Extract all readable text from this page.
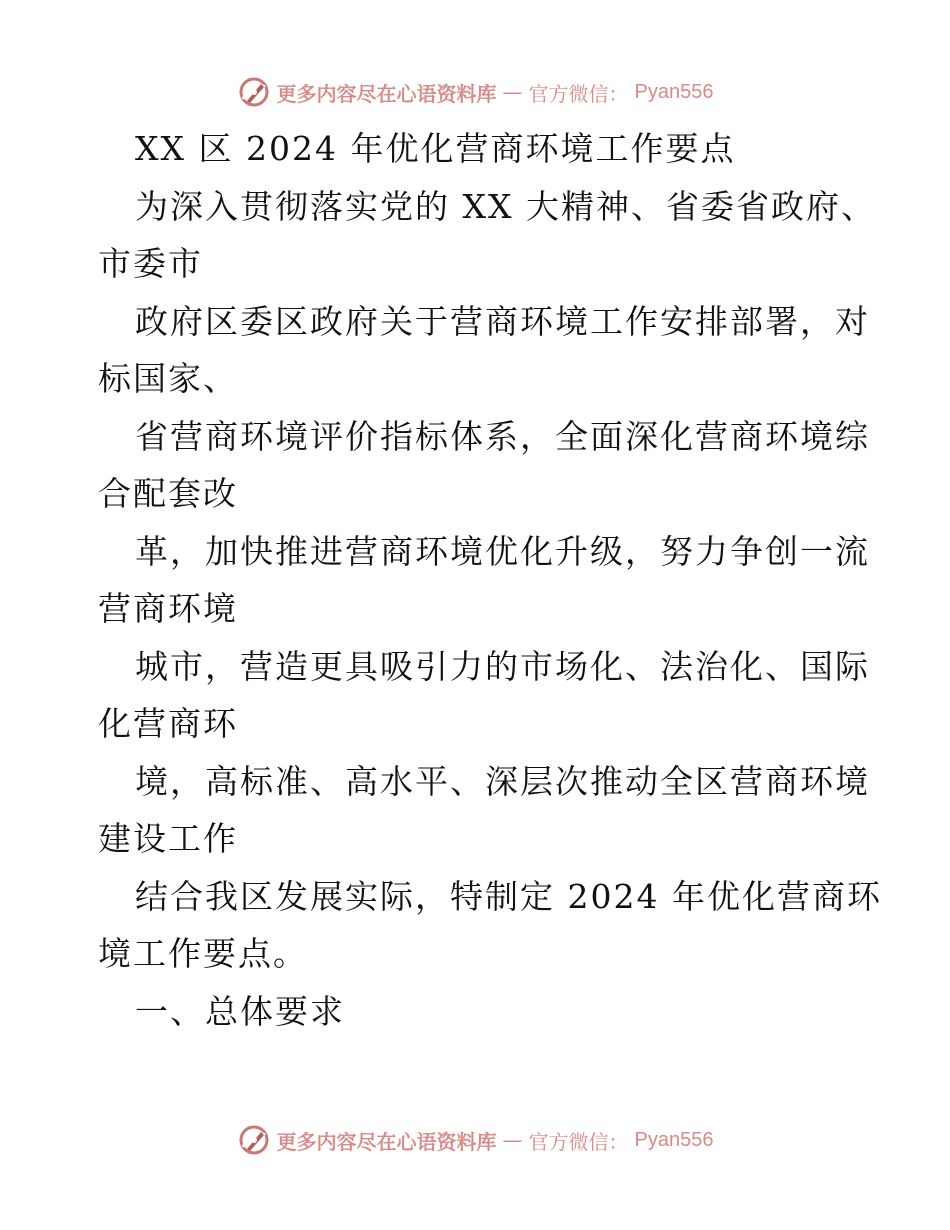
更多内容尽在心语资料库 — 官方微信： Pyan556
XX 区 2024 年优化营商环境工作要点
为深入贯彻落实党的 XX 大精神、省委省政府、
市委市
政府区委区政府关于营商环境工作安排部署，对
标国家、
省营商环境评价指标体系，全面深化营商环境综
合配套改
革，加快推进营商环境优化升级，努力争创一流
营商环境
城市，营造更具吸引力的市场化、法治化、国际
化营商环
境，高标准、高水平、深层次推动全区营商环境
建设工作
结合我区发展实际，特制定 2024 年优化营商环
境工作要点。
一、总体要求
更多内容尽在心语资料库 — 官方微信： Pyan556
